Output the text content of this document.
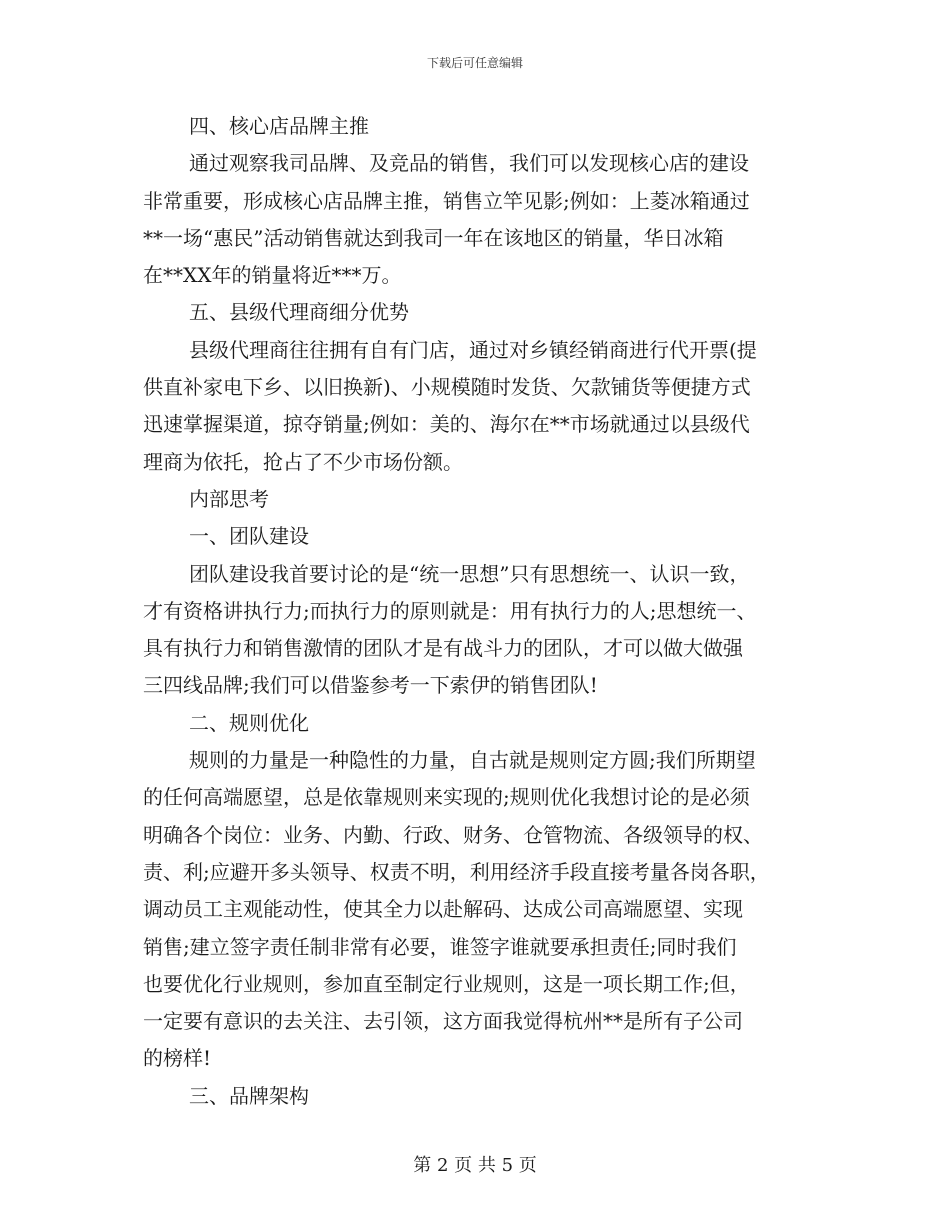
下载后可任意编辑
四、核心店品牌主推
通过观察我司品牌、及竞品的销售，我们可以发现核心店的建设
非常重要，形成核心店品牌主推，销售立竿见影;例如：上菱冰箱通过
**一场“惠民”活动销售就达到我司一年在该地区的销量，华日冰箱
在**XX年的销量将近***万。
五、县级代理商细分优势
县级代理商往往拥有自有门店，通过对乡镇经销商进行代开票(提
供直补家电下乡、以旧换新)、小规模随时发货、欠款铺货等便捷方式
迅速掌握渠道，掠夺销量;例如：美的、海尔在**市场就通过以县级代
理商为依托，抢占了不少市场份额。
内部思考
一、团队建设
团队建设我首要讨论的是“统一思想”只有思想统一、认识一致，
才有资格讲执行力;而执行力的原则就是：用有执行力的人;思想统一、
具有执行力和销售激情的团队才是有战斗力的团队，才可以做大做强
三四线品牌;我们可以借鉴参考一下索伊的销售团队!
二、规则优化
规则的力量是一种隐性的力量，自古就是规则定方圆;我们所期望
的任何高端愿望，总是依靠规则来实现的;规则优化我想讨论的是必须
明确各个岗位：业务、内勤、行政、财务、仓管物流、各级领导的权、
责、利;应避开多头领导、权责不明，利用经济手段直接考量各岗各职，
调动员工主观能动性，使其全力以赴解码、达成公司高端愿望、实现
销售;建立签字责任制非常有必要，谁签字谁就要承担责任;同时我们
也要优化行业规则，参加直至制定行业规则，这是一项长期工作;但，
一定要有意识的去关注、去引领，这方面我觉得杭州**是所有子公司
的榜样!
三、品牌架构
第 2 页 共 5 页
